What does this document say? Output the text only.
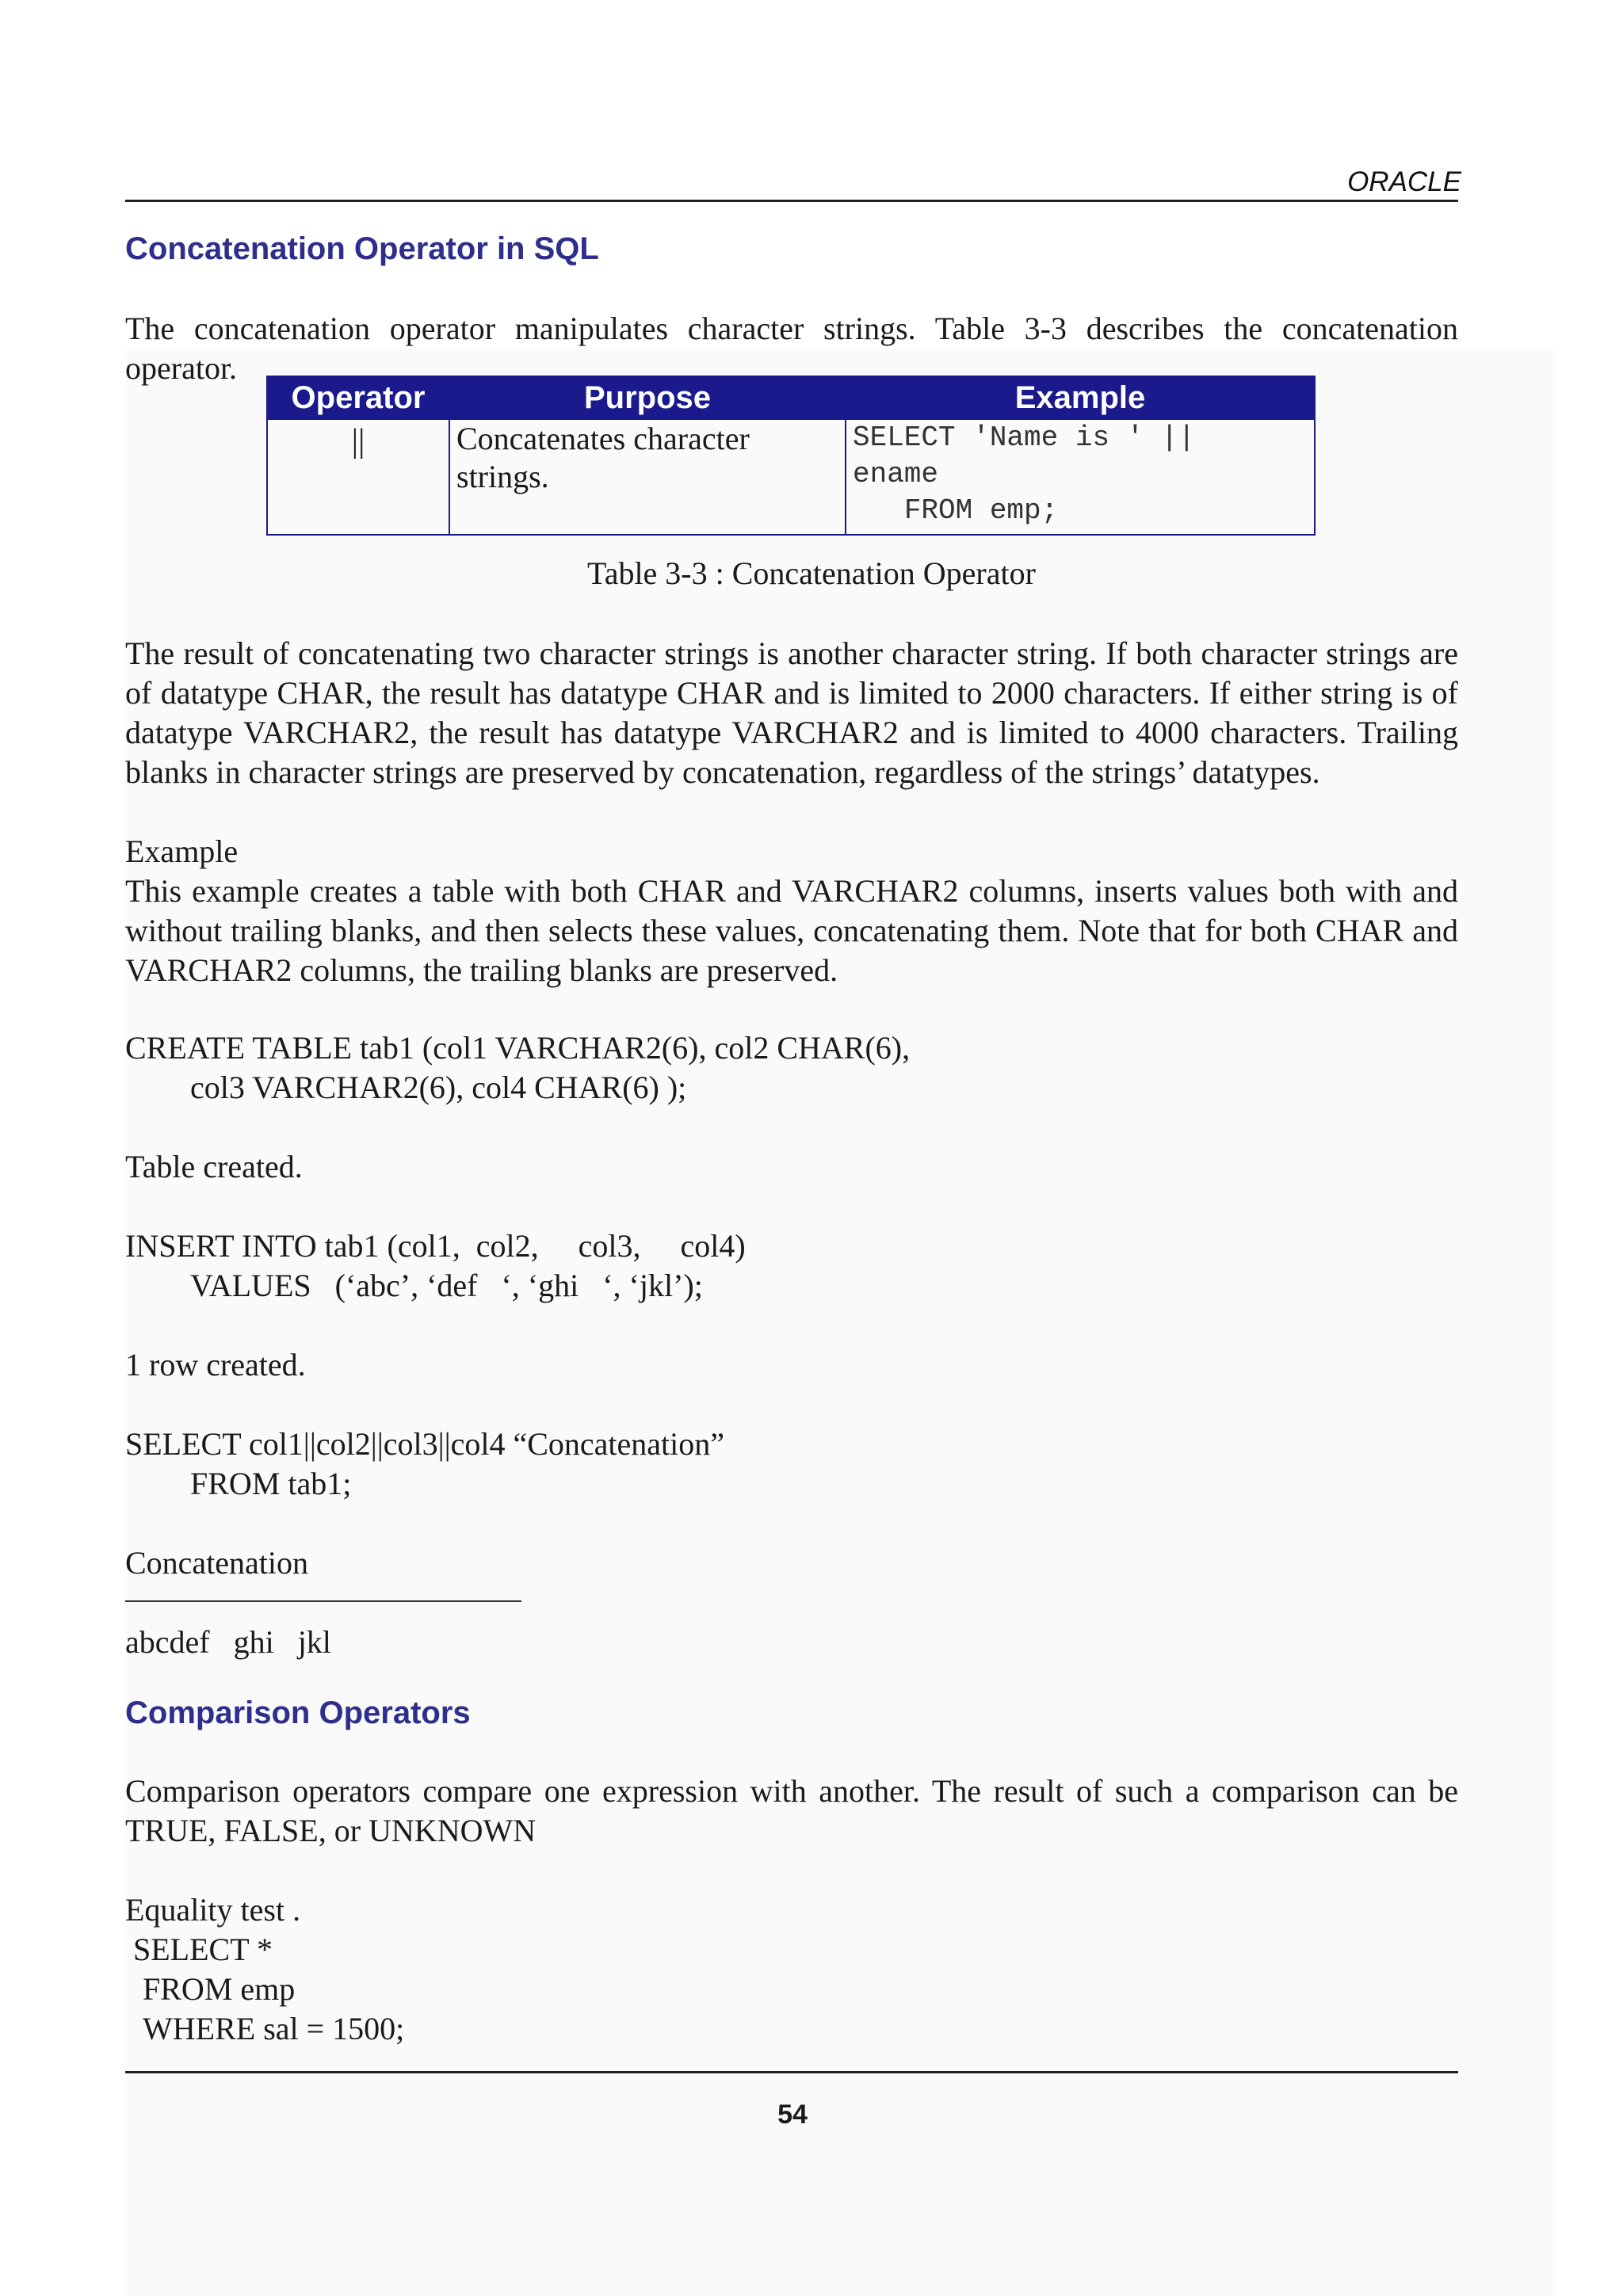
ORACLE
Concatenation Operator in SQL

The concatenation operator manipulates character strings. Table 3-3 describes the concatenation operator.

Operator	Purpose	Example
||	Concatenates character strings.	SELECT 'Name is ' ||
ename
FROM emp;
Table 3-3 : Concatenation Operator

The result of concatenating two character strings is another character string. If both character strings are of datatype CHAR, the result has datatype CHAR and is limited to 2000 characters. If either string is of datatype VARCHAR2, the result has datatype VARCHAR2 and is limited to 4000 characters. Trailing blanks in character strings are preserved by concatenation, regardless of the strings’ datatypes.

Example

This example creates a table with both CHAR and VARCHAR2 columns, inserts values both with and without trailing blanks, and then selects these values, concatenating them. Note that for both CHAR and VARCHAR2 columns, the trailing blanks are preserved.

CREATE TABLE tab1 (col1 VARCHAR2(6), col2 CHAR(6),
col3 VARCHAR2(6), col4 CHAR(6) );
Table created.
INSERT INTO tab1 (col1,  col2,     col3,     col4)
VALUES   (‘abc’, ‘def   ‘, ‘ghi   ‘, ‘jkl’);
1 row created.
SELECT col1||col2||col3||col4 “Concatenation”
FROM tab1;
Concatenation
abcdef   ghi   jkl
Comparison Operators

Comparison operators compare one expression with another. The result of such a comparison can be TRUE, FALSE, or UNKNOWN

Equality test .
SELECT *
FROM emp
WHERE sal = 1500;
54
